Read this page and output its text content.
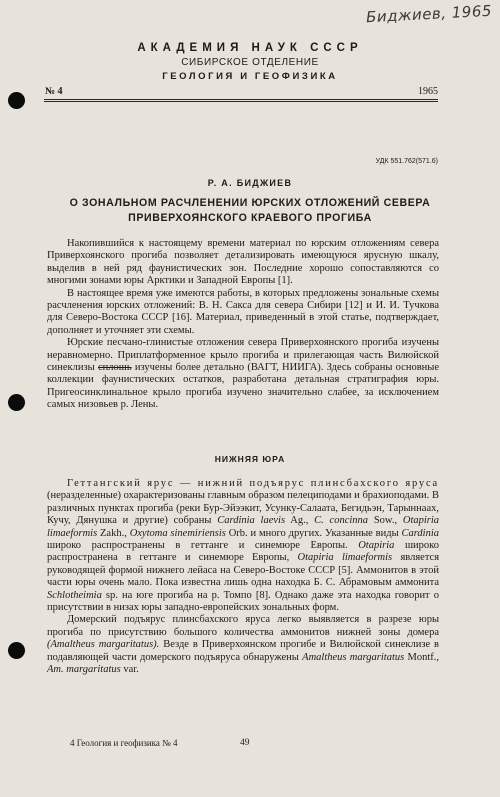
Биджиев, 1965
АКАДЕМИЯ НАУК СССР
СИБИРСКОЕ ОТДЕЛЕНИЕ
ГЕОЛОГИЯ И ГЕОФИЗИКА
№ 4	1965
УДК 551.762(571.6)
Р. А. БИДЖИЕВ
О ЗОНАЛЬНОМ РАСЧЛЕНЕНИИ ЮРСКИХ ОТЛОЖЕНИЙ СЕВЕРА ПРИВЕРХОЯНСКОГО КРАЕВОГО ПРОГИБА

Накопившийся к настоящему времени материал по юрским отложениям севера Приверхоянского прогиба позволяет детализировать имеющуюся ярусную шкалу, выделив в ней ряд фаунистических зон. Последние хорошо сопоставляются со многими зонами юры Арктики и Западной Европы [1].

В настоящее время уже имеются работы, в которых предложены зональные схемы расчленения юрских отложений: В. Н. Сакса для севера Сибири [12] и И. И. Тучкова для Северо-Востока СССР [16]. Материал, приведенный в этой статье, подтверждает, дополняет и уточняет эти схемы.

Юрские песчано-глинистые отложения севера Приверхоянского прогиба изучены неравномерно. Приплатформенное крыло прогиба и прилегающая часть Вилюйской синеклизы сплошь изучены более детально (ВАГТ, НИИГА). Здесь собраны основные коллекции фаунистических остатков, разработана детальная стратиграфия юры. Пригеосинклинальное крыло прогиба изучено значительно слабее, за исключением самых низовьев р. Лены.

НИЖНЯЯ ЮРА

Геттангский ярус — нижний подъярус плинсбахского яруса (неразделенные) охарактеризованы главным образом пелециподами и брахиоподами. В различных пунктах прогиба (реки Бур-Эйээкит, Усунку-Салаата, Бегидьэн, Тарыннаах, Кучу, Дянушка и другие) собраны Cardinia laevis Ag., C. concinna Sow., Otapiria limaeformis Zakh., Oxytoma sinemiriensis Orb. и много других. Указанные виды Cardinia широко распространены в геттанге и синемюре Европы. Otapiria широко распространена в геттанге и синемюре Европы, Otapiria limaeformis является руководящей формой нижнего лейаса на Северо-Востоке СССР [5]. Аммонитов в этой части юры очень мало. Пока известна лишь одна находка Б. С. Абрамовым аммонита Schlotheimia sp. на юге прогиба на р. Томпо [8]. Однако даже эта находка говорит о присутствии в низах юры западно-европейских зональных форм.

Домерский подъярус плинсбахского яруса легко выявляется в разрезе юры прогиба по присутствию большого количества аммонитов нижней зоны домера (Amaltheus margaritatus). Везде в Приверхоянском прогибе и Вилюйской синеклизе в подавляющей части домерского подъяруса обнаружены Amaltheus margaritatus Montf., Am. margaritatus var.

4 Геология и геофизика № 4	49
